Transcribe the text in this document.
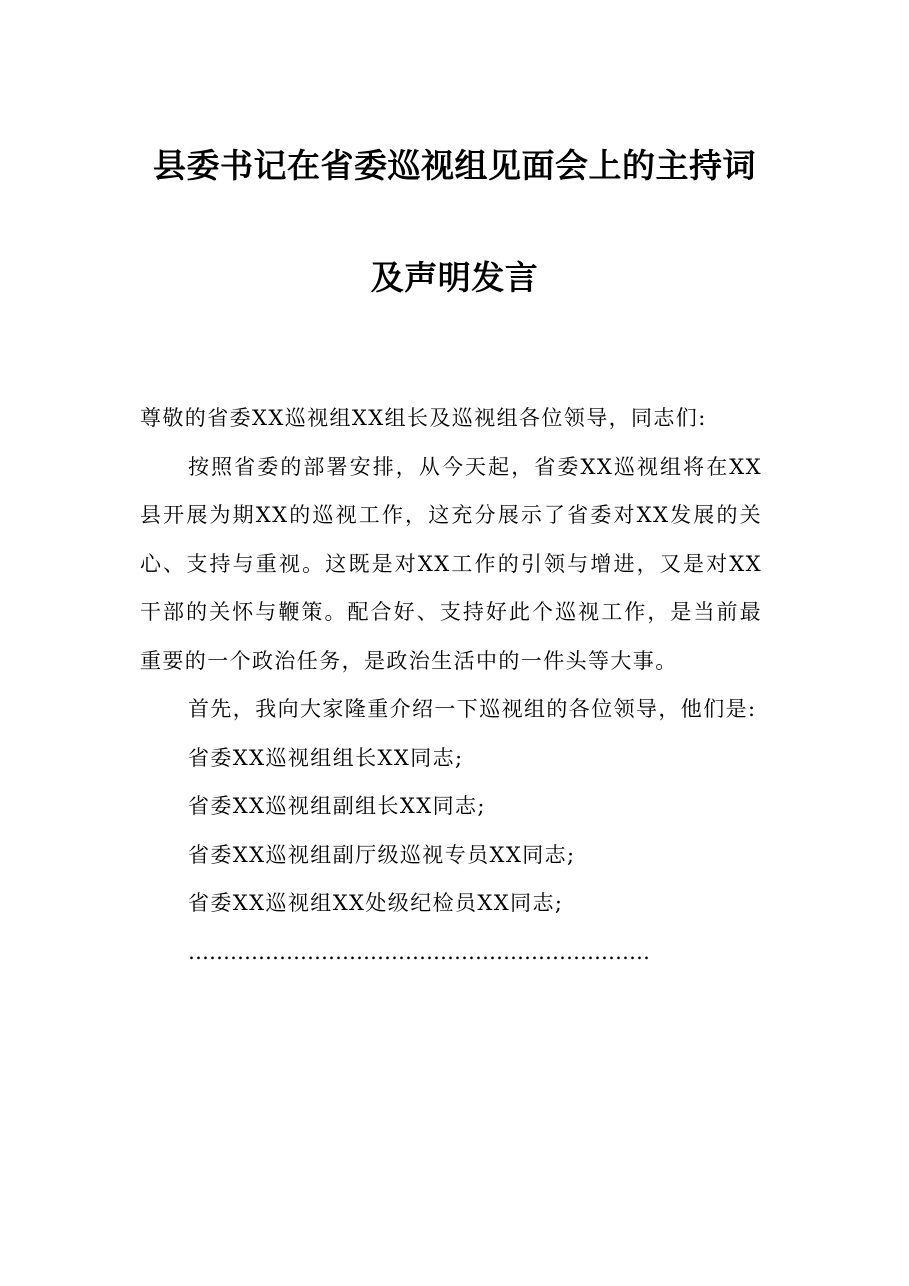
县委书记在省委巡视组见面会上的主持词
及声明发言

尊敬的省委XX巡视组XX组长及巡视组各位领导，同志们:

按照省委的部署安排，从今天起，省委XX巡视组将在XX县开展为期XX的巡视工作，这充分展示了省委对XX发展的关心、支持与重视。这既是对XX工作的引领与增进，又是对XX干部的关怀与鞭策。配合好、支持好此个巡视工作，是当前最重要的一个政治任务，是政治生活中的一件头等大事。

首先，我向大家隆重介绍一下巡视组的各位领导，他们是:

省委XX巡视组组长XX同志;

省委XX巡视组副组长XX同志;

省委XX巡视组副厅级巡视专员XX同志;

省委XX巡视组XX处级纪检员XX同志;

…………………………………………………………
